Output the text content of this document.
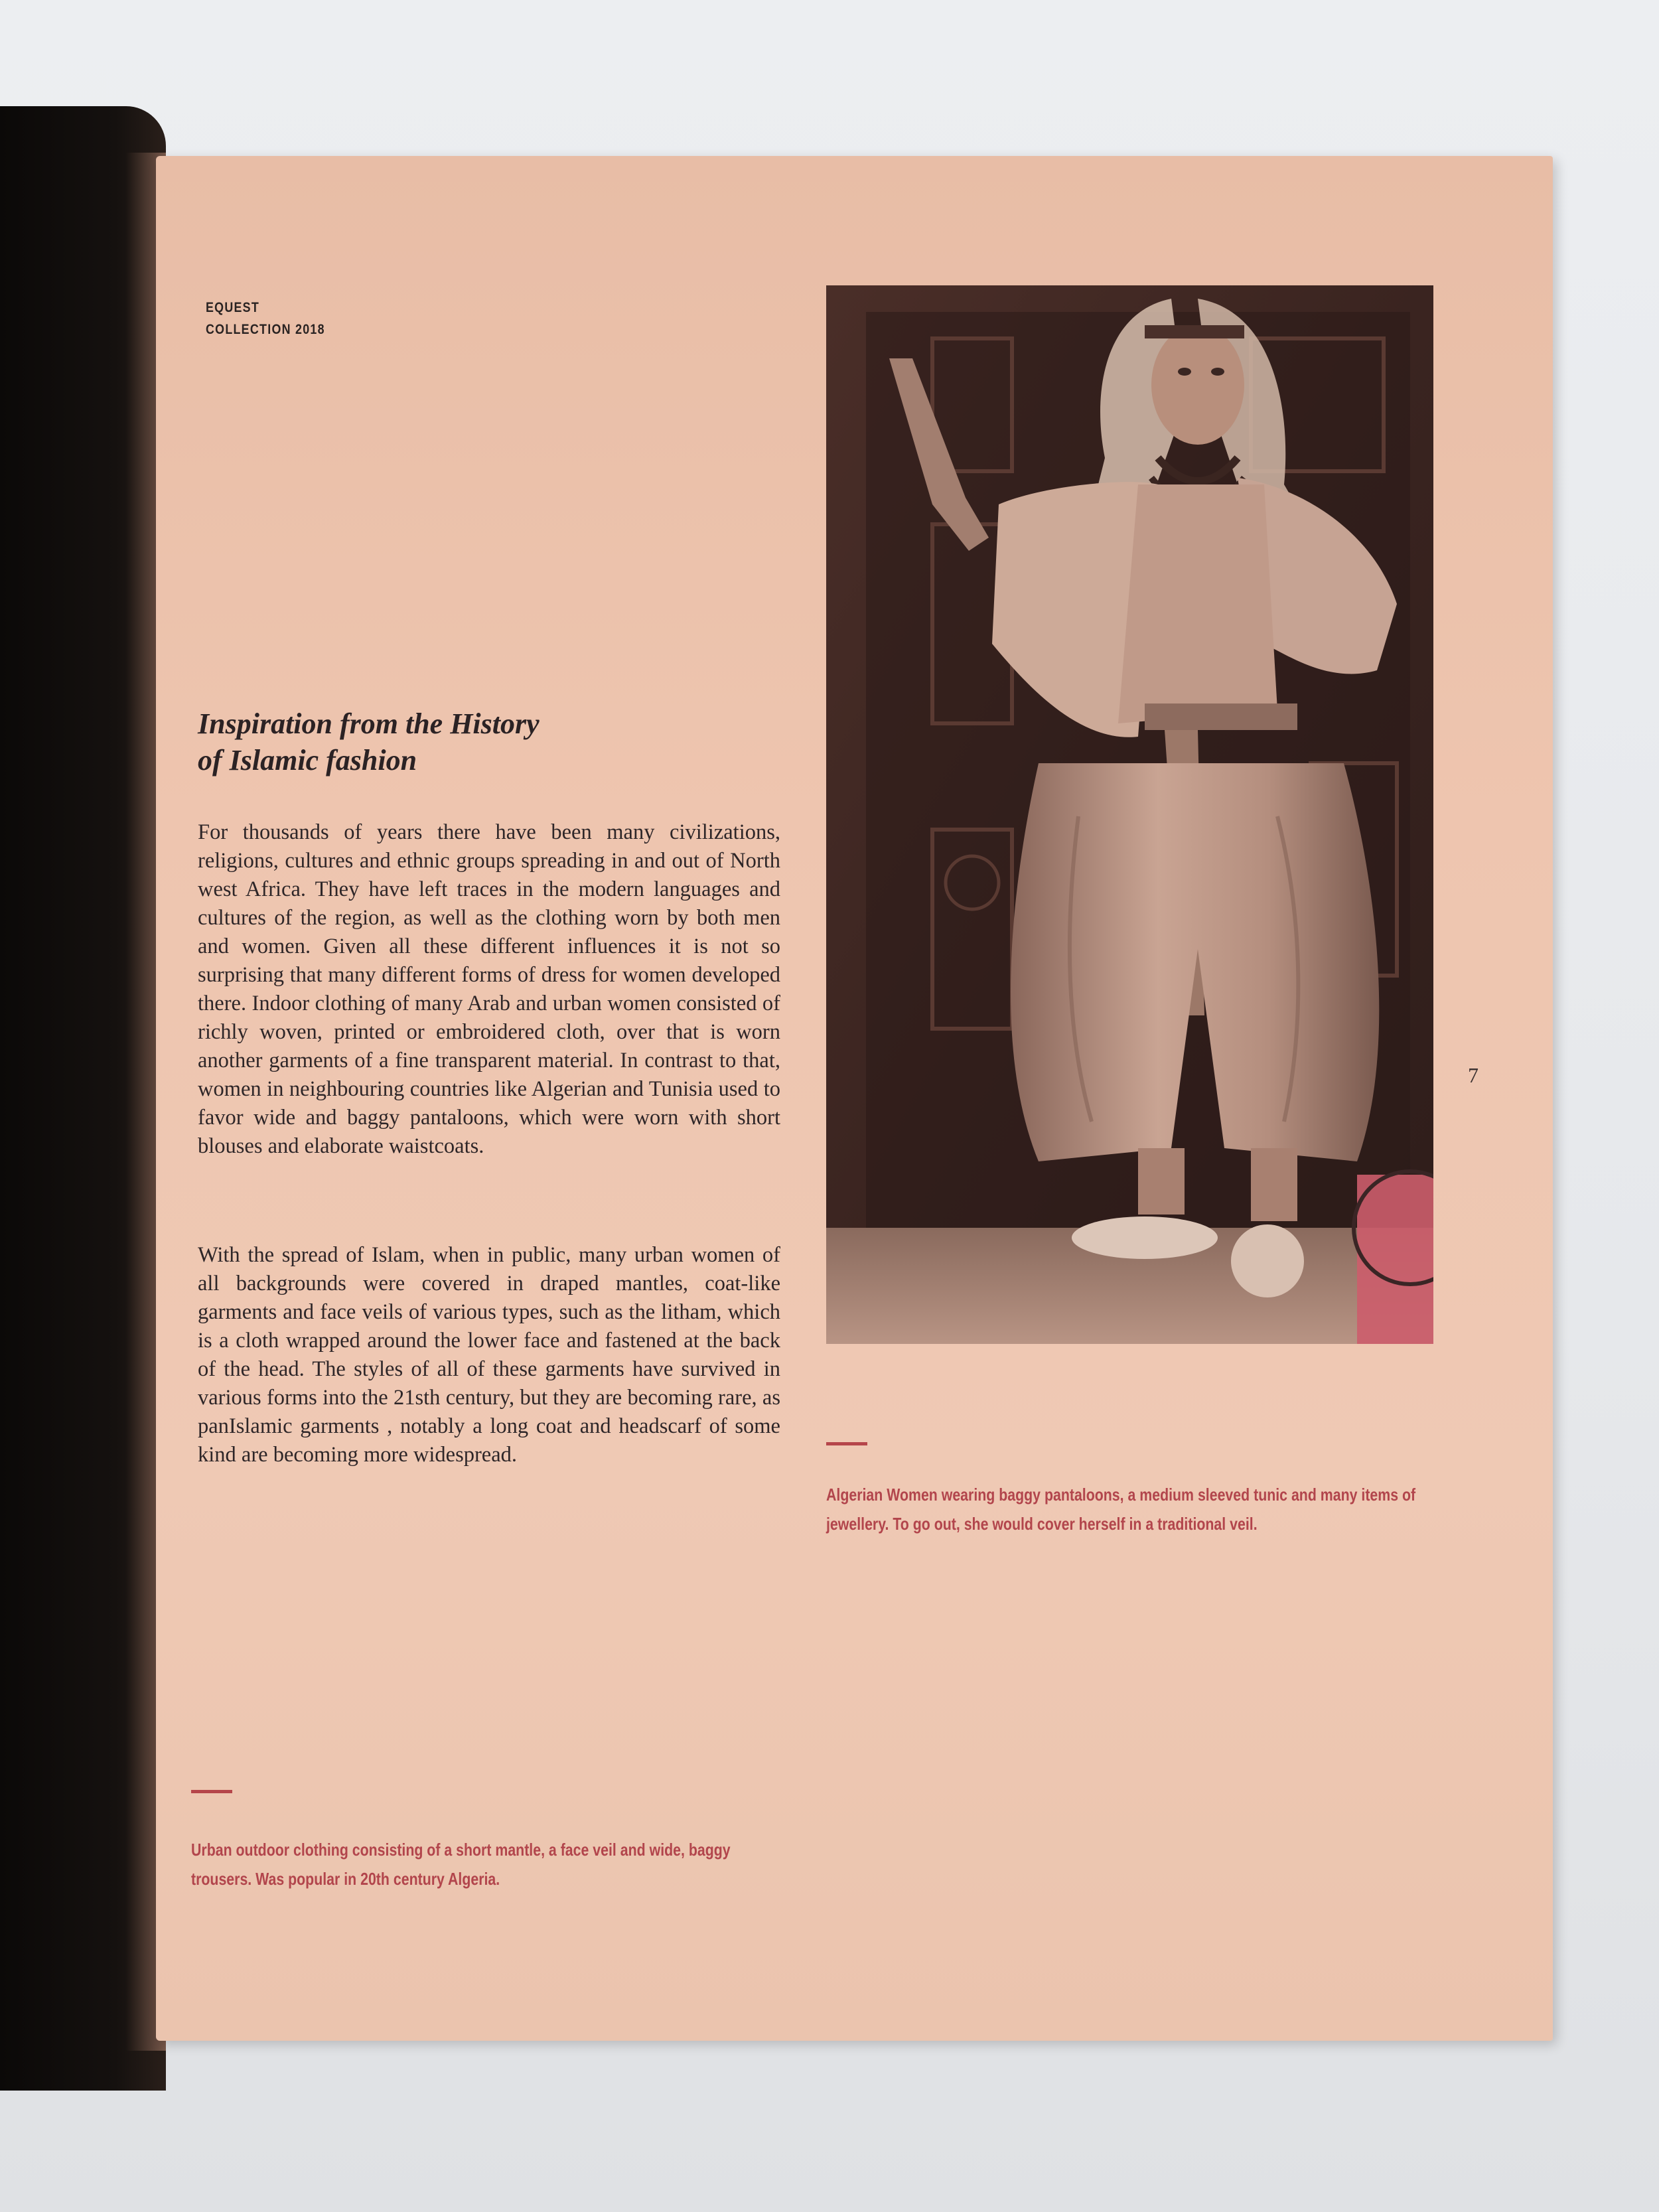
EQUEST
COLLECTION 2018
Inspiration from the History
of Islamic fashion

For thousands of years there have been many civilizations, religions, cultures and ethnic groups spreading in and out of North west Africa. They have left traces in the modern languages and cultures of the region, as well as the clothing worn by both men and women. Given all these different influences it is not so surprising that many different forms of dress for women developed there. Indoor clothing of many Arab and urban women consisted of richly woven, printed or embroidered cloth, over that is worn another garments of a fine transparent material. In contrast to that, women in neighbouring countries like Algerian and Tunisia used to favor wide and baggy pantaloons, which were worn with short blouses and elaborate waistcoats.

With the spread of Islam, when in public, many urban women of all backgrounds were covered in draped mantles, coat-like garments and face veils of various types, such as the litham, which is a cloth wrapped around the lower face and fastened at the back of the head. The styles of all of these garments have survived in various forms into the 21sth century, but they are becoming rare, as panIslamic garments , notably a long coat and headscarf of some kind are becoming more widespread.

7
Algerian Women wearing baggy pantaloons, a medium sleeved tunic and many items of jewellery. To go out, she would cover herself in a traditional veil.
Urban outdoor clothing consisting of a short mantle, a face veil and wide, baggy trousers. Was popular in 20th century Algeria.
